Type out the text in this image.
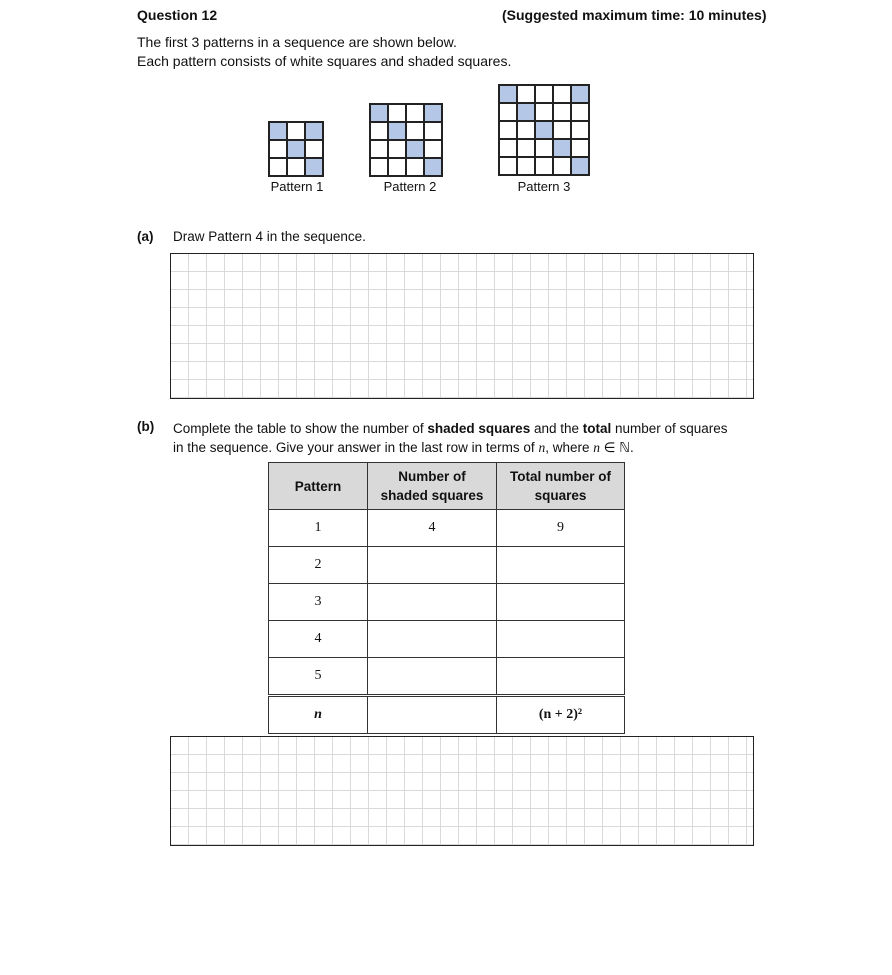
Question 12	(Suggested maximum time: 10 minutes)
The first 3 patterns in a sequence are shown below.
Each pattern consists of white squares and shaded squares.
Pattern 1	Pattern 2	Pattern 3
(a) Draw Pattern 4 in the sequence.
(b) Complete the table to show the number of shaded squares and the total number of squares
in the sequence. Give your answer in the last row in terms of n, where n ∈ ℕ.
Pattern	Number of shaded squares	Total number of squares
1	4	9
2		
3		
4		
5		
n		(n + 2)²
